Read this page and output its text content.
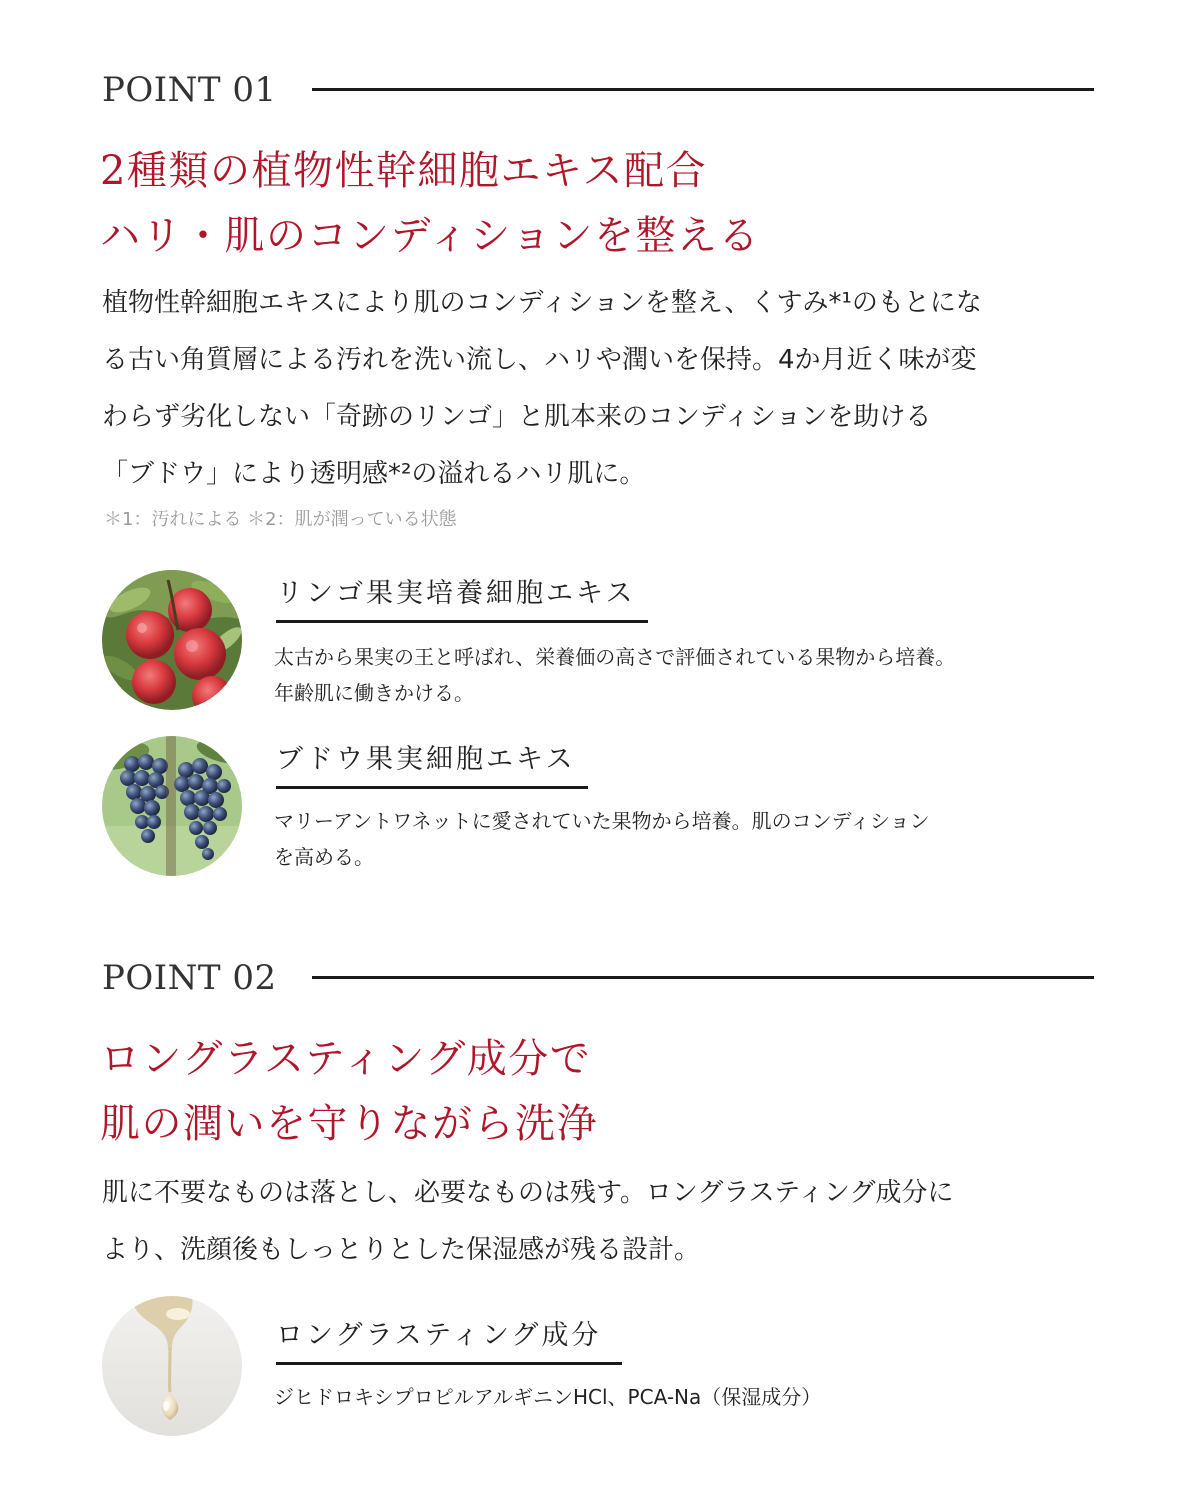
POINT 01
2種類の植物性幹細胞エキス配合
ハリ・肌のコンディションを整える
植物性幹細胞エキスにより肌のコンディションを整え、くすみ*¹のもとにな
る古い角質層による汚れを洗い流し、ハリや潤いを保持。4か月近く味が変
わらず劣化しない「奇跡のリンゴ」と肌本来のコンディションを助ける
「ブドウ」により透明感*²の溢れるハリ肌に。
＊1：汚れによる ＊2：肌が潤っている状態
リンゴ果実培養細胞エキス
太古から果実の王と呼ばれ、栄養価の高さで評価されている果物から培養。
年齢肌に働きかける。
ブドウ果実細胞エキス
マリーアントワネットに愛されていた果物から培養。肌のコンディション
を高める。
POINT 02
ロングラスティング成分で
肌の潤いを守りながら洗浄
肌に不要なものは落とし、必要なものは残す。ロングラスティング成分に
より、洗顔後もしっとりとした保湿感が残る設計。
ロングラスティング成分
ジヒドロキシプロピルアルギニンHCl、PCA-Na（保湿成分）
